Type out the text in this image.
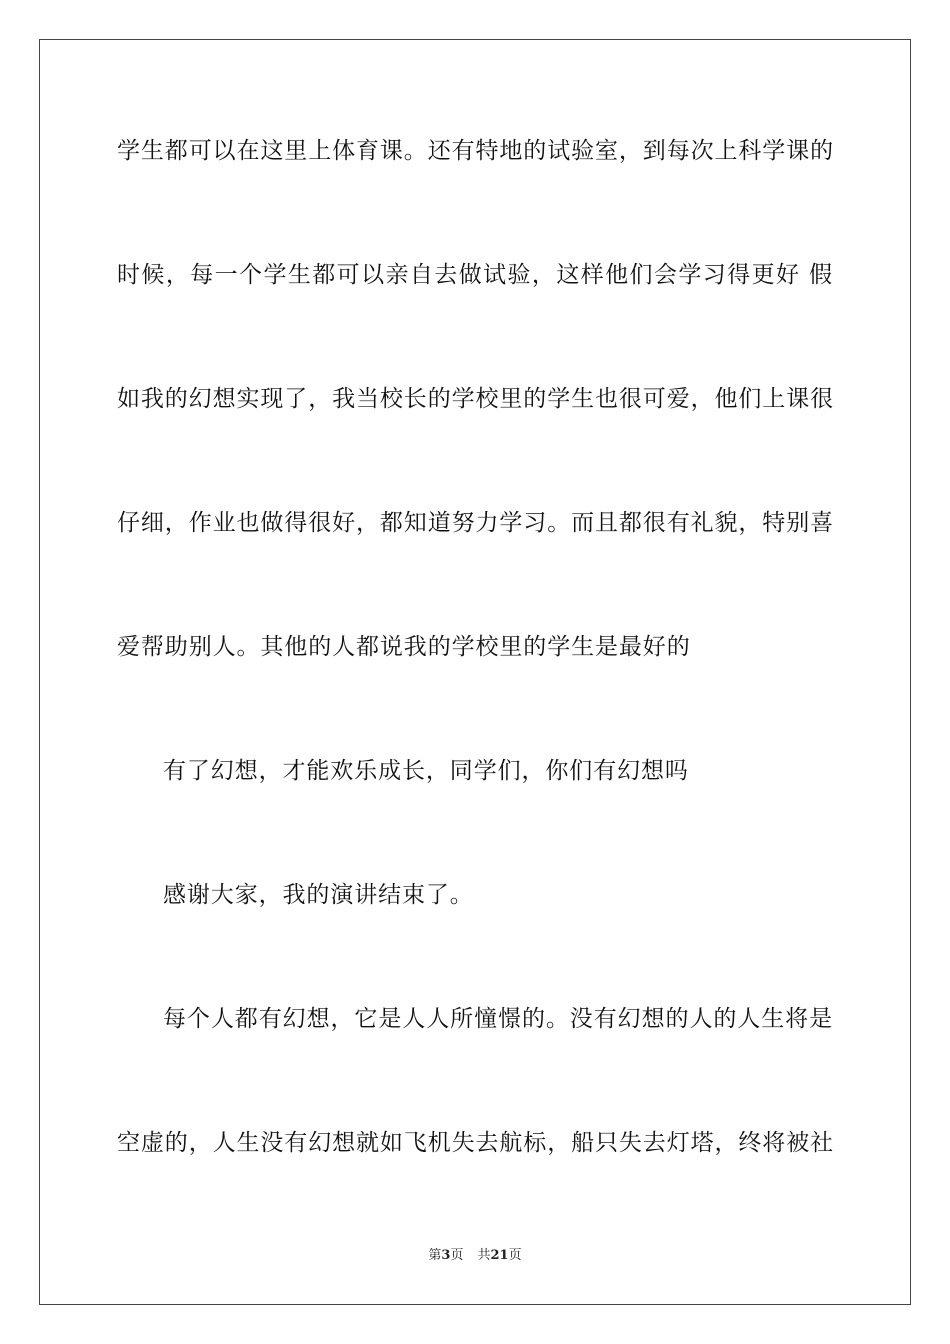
学生都可以在这里上体育课。还有特地的试验室，到每次上科学课的
时候，每一个学生都可以亲自去做试验，这样他们会学习得更好 假
如我的幻想实现了，我当校长的学校里的学生也很可爱，他们上课很
仔细，作业也做得很好，都知道努力学习。而且都很有礼貌，特别喜
爱帮助别人。其他的人都说我的学校里的学生是最好的
有了幻想，才能欢乐成长，同学们，你们有幻想吗
感谢大家，我的演讲结束了。
每个人都有幻想，它是人人所憧憬的。没有幻想的人的人生将是
空虚的，人生没有幻想就如飞机失去航标，船只失去灯塔，终将被社
第3页 共21页
